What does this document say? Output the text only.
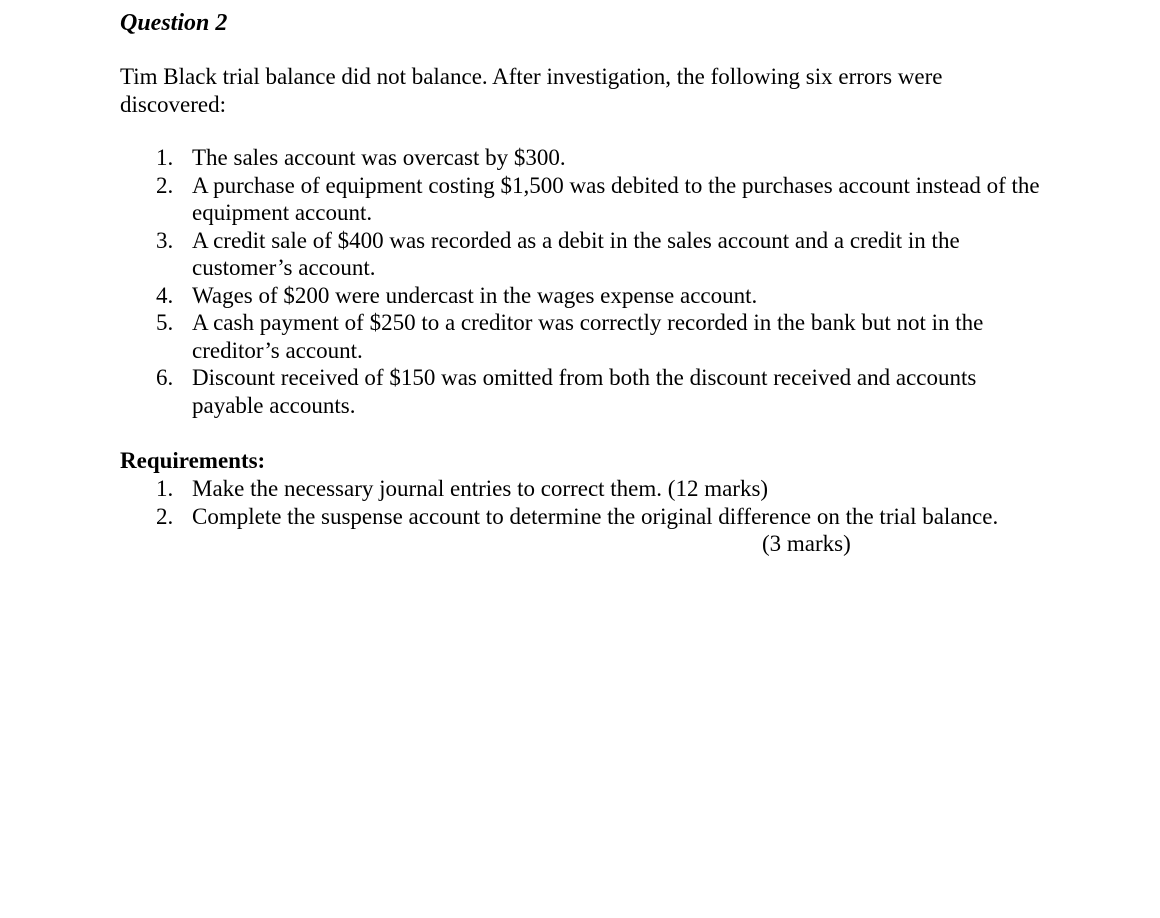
Question 2

Tim Black trial balance did not balance. After investigation, the following six errors were discovered:

1. The sales account was overcast by $300.
2. A purchase of equipment costing $1,500 was debited to the purchases account instead of the equipment account.
3. A credit sale of $400 was recorded as a debit in the sales account and a credit in the customer’s account.
4. Wages of $200 were undercast in the wages expense account.
5. A cash payment of $250 to a creditor was correctly recorded in the bank but not in the creditor’s account.
6. Discount received of $150 was omitted from both the discount received and accounts payable accounts.

Requirements:

1. Make the necessary journal entries to correct them. (12 marks)
2. Complete the suspense account to determine the original difference on the trial balance.
(3 marks)
